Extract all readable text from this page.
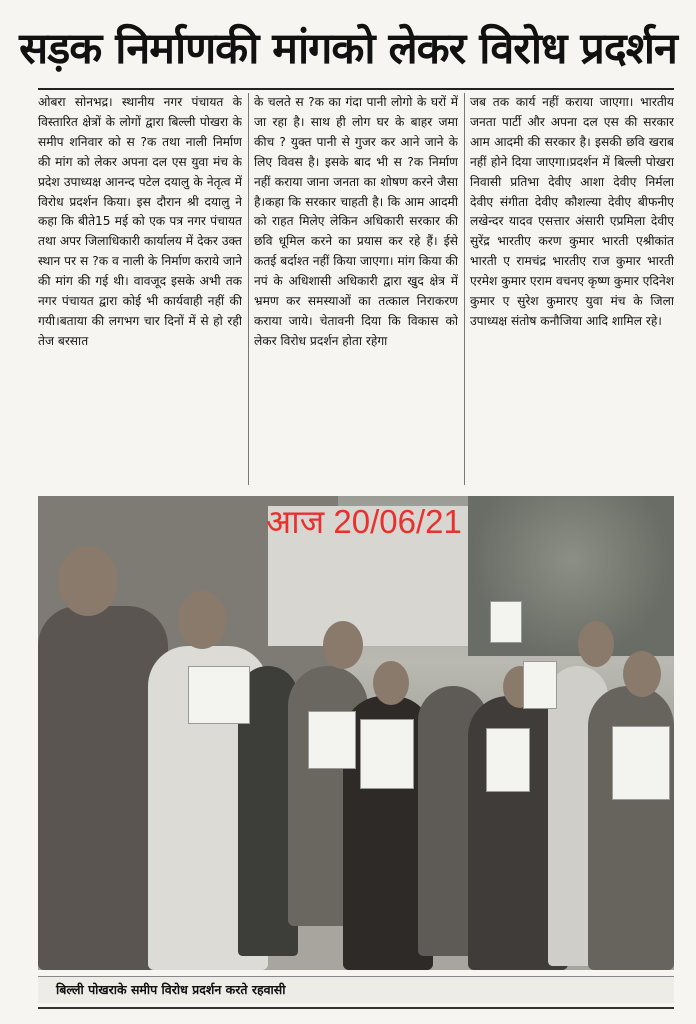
सड़क निर्माणकी मांगको लेकर विरोध प्रदर्शन
ओबरा सोनभद्र। स्थानीय नगर पंचायत के विस्तारित क्षेत्रों के लोगों द्वारा बिल्ली पोखरा के समीप शनिवार को स ?क तथा नाली निर्माण की मांग को लेकर अपना दल एस युवा मंच के प्रदेश उपाध्यक्ष आनन्द पटेल दयालु के नेतृत्व में विरोध प्रदर्शन किया। इस दौरान श्री दयालु ने कहा कि बीते15 मई को एक पत्र नगर पंचायत तथा अपर जिलाधिकारी कार्यालय में देकर उक्त स्थान पर स ?क व नाली के निर्माण कराये जाने की मांग की गई थी। वावजूद इसके अभी तक नगर पंचायत द्वारा कोई भी कार्यवाही नहीं की गयी।बताया की लगभग चार दिनों में से हो रही तेज बरसात
के चलते स ?क का गंदा पानी लोगो के घरों में जा रहा है। साथ ही लोग घर के बाहर जमा कीच ? युक्त पानी से गुजर कर आने जाने के लिए विवस है। इसके बाद भी स ?क निर्माण नहीं कराया जाना जनता का शोषण करने जैसा है।कहा कि सरकार चाहती है। कि आम आदमी को राहत मिलेए लेकिन अधिकारी सरकार की छवि धूमिल करने का प्रयास कर रहे हैं। ईसे कतई बर्दाश्त नहीं किया जाएगा। मांग किया की नपं के अधिशासी अधिकारी द्वारा खुद क्षेत्र में भ्रमण कर समस्याओं का तत्काल निराकरण कराया जाये। चेतावनी दिया कि विकास को लेकर विरोध प्रदर्शन होता रहेगा
जब तक कार्य नहीं कराया जाएगा। भारतीय जनता पार्टी और अपना दल एस की सरकार आम आदमी की सरकार है। इसकी छवि खराब नहीं होने दिया जाएगा।प्रदर्शन में बिल्ली पोखरा निवासी प्रतिभा देवीए आशा देवीए निर्मला देवीए संगीता देवीए कौशल्या देवीए बीफनीए लखेन्दर यादव एसत्तार अंसारी एप्रमिला देवीए सुरेंद्र भारतीए करण कुमार भारती एश्रीकांत भारती ए रामचंद्र भारतीए राज कुमार भारती एरमेश कुमार एराम वचनए कृष्ण कुमार एदिनेश कुमार ए सुरेश कुमारए युवा मंच के जिला उपाध्यक्ष संतोष कनौजिया आदि शामिल रहे।
आज 20/06/21
बिल्ली पोखराके समीप विरोध प्रदर्शन करते रहवासी
